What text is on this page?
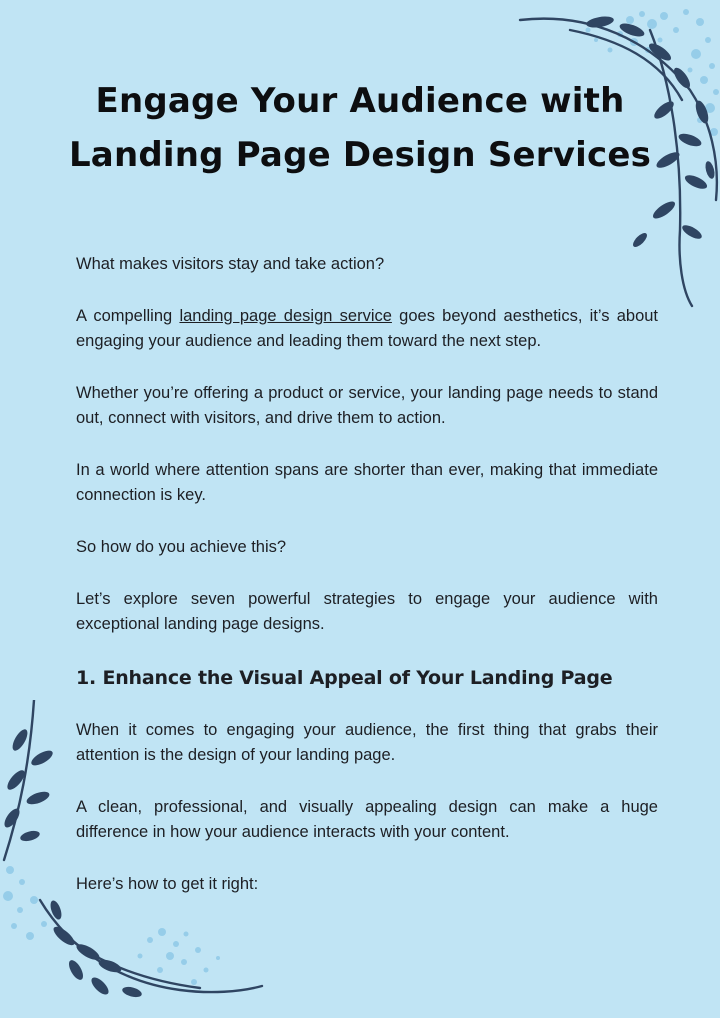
Engage Your Audience with Landing Page Design Services

What makes visitors stay and take action?

A compelling landing page design service goes beyond aesthetics, it’s about engaging your audience and leading them toward the next step.

Whether you’re offering a product or service, your landing page needs to stand out, connect with visitors, and drive them to action.

In a world where attention spans are shorter than ever, making that immediate connection is key.

So how do you achieve this?

Let’s explore seven powerful strategies to engage your audience with exceptional landing page designs.

1. Enhance the Visual Appeal of Your Landing Page

When it comes to engaging your audience, the first thing that grabs their attention is the design of your landing page.

A clean, professional, and visually appealing design can make a huge difference in how your audience interacts with your content.

Here’s how to get it right:
